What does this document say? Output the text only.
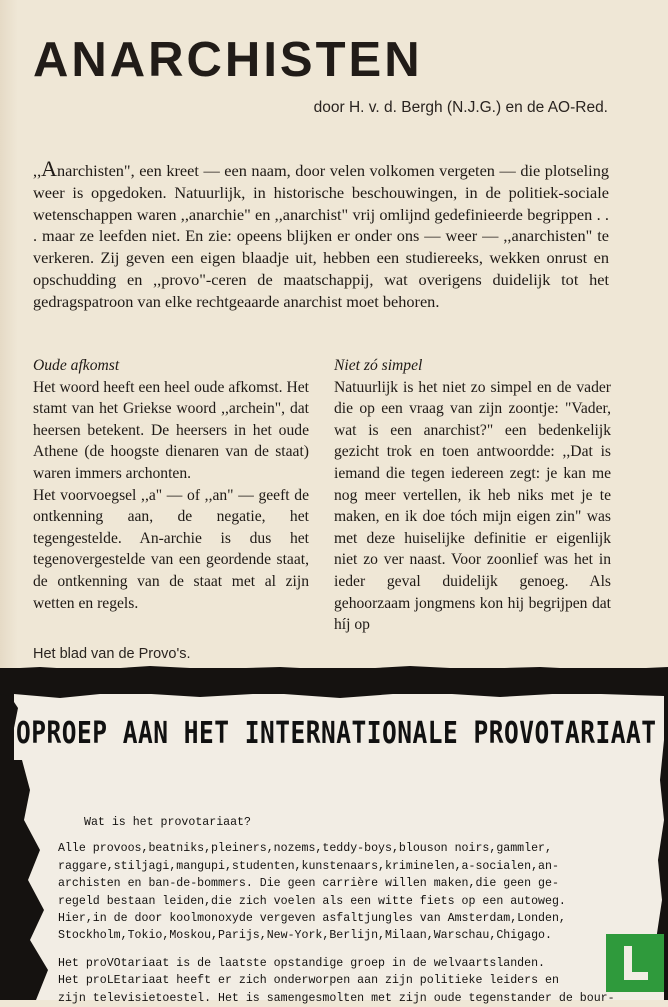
ANARCHISTEN
door H. v. d. Bergh (N.J.G.) en de AO-Red.

,,Anarchisten", een kreet — een naam, door velen volkomen vergeten — die plotseling weer is opgedoken. Natuurlijk, in historische beschouwingen, in de politiek-sociale wetenschappen waren ,,anarchie" en ,,anarchist" vrij omlijnd gedefinieerde begrippen . . . maar ze leefden niet. En zie: opeens blijken er onder ons — weer — ,,anarchisten" te verkeren. Zij geven een eigen blaadje uit, hebben een studiereeks, wekken onrust en opschudding en ,,provo"-ceren de maatschappij, wat overigens duidelijk tot het gedragspatroon van elke rechtgeaarde anarchist moet behoren.

Oude afkomst

Het woord heeft een heel oude afkomst. Het stamt van het Griekse woord ,,archein", dat heersen betekent. De heersers in het oude Athene (de hoogste dienaren van de staat) waren immers archonten.

Het voorvoegsel ,,a" — of ,,an" — geeft de ontkenning aan, de negatie, het tegengestelde. An-archie is dus het tegenovergestelde van een geordende staat, de ontkenning van de staat met al zijn wetten en regels.

Niet zó simpel

Natuurlijk is het niet zo simpel en de vader die op een vraag van zijn zoontje: "Vader, wat is een anarchist?" een bedenkelijk gezicht trok en toen antwoordde: ,,Dat is iemand die tegen iedereen zegt: je kan me nog meer vertellen, ik heb niks met je te maken, en ik doe tóch mijn eigen zin" was met deze huiselijke definitie er eigenlijk niet zo ver naast. Voor zoonlief was het in ieder geval duidelijk genoeg. Als gehoorzaam jongmens kon hij begrijpen dat híj op

Het blad van de Provo's.
OPROEP AAN HET INTERNATIONALE PROVOTARIAAT

Wat is het provotariaat?

Alle provoos,beatniks,pleiners,nozems,teddy-boys,blouson noirs,gammler,

raggare,stiljagi,mangupi,studenten,kunstenaars,kriminelen,a-socialen,an-

archisten en ban-de-bommers. Die geen carrière willen maken,die geen ge-

regeld bestaan leiden,die zich voelen als een witte fiets op een autoweg.

Hier,in de door koolmonoxyde vergeven asfaltjungles van Amsterdam,Londen,

Stockholm,Tokio,Moskou,Parijs,New-York,Berlijn,Milaan,Warschau,Chigago.

Het proVOtariaat is de laatste opstandige groep in de welvaartslanden.

Het proLEtariaat heeft er zich onderworpen aan zijn politieke leiders en

zijn televisietoestel. Het is samengesmolten met zijn oude tegenstander de bour-
